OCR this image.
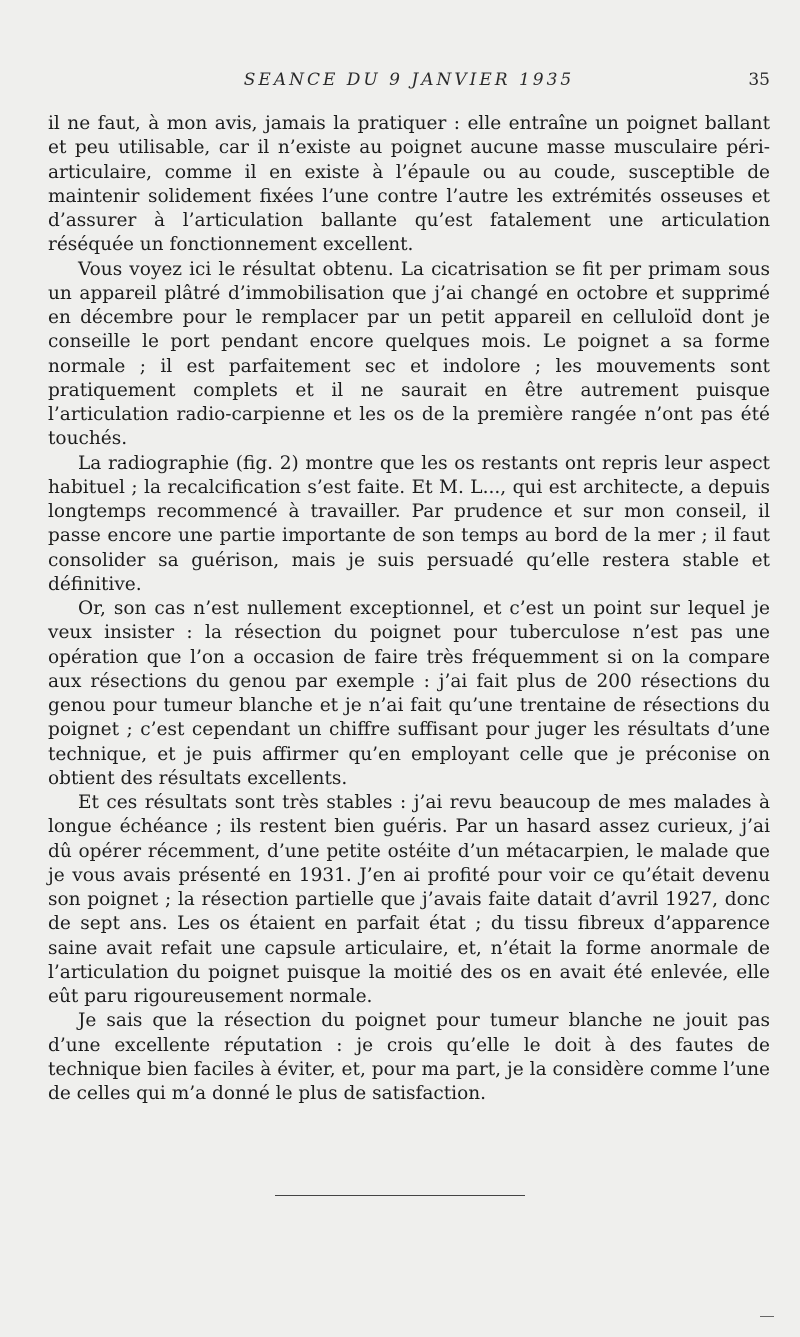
SEANCE DU 9 JANVIER 1935	35

il ne faut, à mon avis, jamais la pratiquer : elle entraîne un poignet ballant et peu utilisable, car il n’existe au poignet aucune masse musculaire péri-articulaire, comme il en existe à l’épaule ou au coude, susceptible de maintenir solidement fixées l’une contre l’autre les extrémités osseuses et d’assurer à l’articulation ballante qu’est fatalement une articulation réséquée un fonctionnement excellent.

Vous voyez ici le résultat obtenu. La cicatrisation se fit per primam sous un appareil plâtré d’immobilisation que j’ai changé en octobre et supprimé en décembre pour le remplacer par un petit appareil en celluloïd dont je conseille le port pendant encore quelques mois. Le poignet a sa forme normale ; il est parfaitement sec et indolore ; les mouvements sont pratiquement complets et il ne saurait en être autrement puisque l’articulation radio-carpienne et les os de la première rangée n’ont pas été touchés.

La radiographie (fig. 2) montre que les os restants ont repris leur aspect habituel ; la recalcification s’est faite. Et M. L..., qui est architecte, a depuis longtemps recommencé à travailler. Par prudence et sur mon conseil, il passe encore une partie importante de son temps au bord de la mer ; il faut consolider sa guérison, mais je suis persuadé qu’elle restera stable et définitive.

Or, son cas n’est nullement exceptionnel, et c’est un point sur lequel je veux insister : la résection du poignet pour tuberculose n’est pas une opération que l’on a occasion de faire très fréquemment si on la compare aux résections du genou par exemple : j’ai fait plus de 200 résections du genou pour tumeur blanche et je n’ai fait qu’une trentaine de résections du poignet ; c’est cependant un chiffre suffisant pour juger les résultats d’une technique, et je puis affirmer qu’en employant celle que je préconise on obtient des résultats excellents.

Et ces résultats sont très stables : j’ai revu beaucoup de mes malades à longue échéance ; ils restent bien guéris. Par un hasard assez curieux, j’ai dû opérer récemment, d’une petite ostéite d’un métacarpien, le malade que je vous avais présenté en 1931. J’en ai profité pour voir ce qu’était devenu son poignet ; la résection partielle que j’avais faite datait d’avril 1927, donc de sept ans. Les os étaient en parfait état ; du tissu fibreux d’apparence saine avait refait une capsule articulaire, et, n’était la forme anormale de l’articulation du poignet puisque la moitié des os en avait été enlevée, elle eût paru rigoureusement normale.

Je sais que la résection du poignet pour tumeur blanche ne jouit pas d’une excellente réputation : je crois qu’elle le doit à des fautes de technique bien faciles à éviter, et, pour ma part, je la considère comme l’une de celles qui m’a donné le plus de satisfaction.
